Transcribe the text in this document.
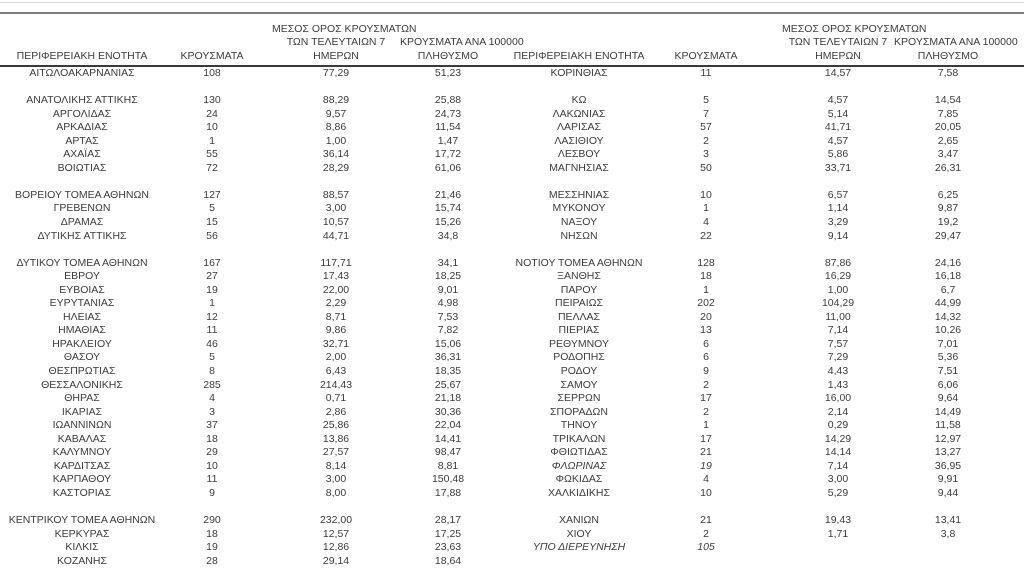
ΠΕΡΙΦΕΡΕΙΑΚΗ ΕΝΟΤΗΤΑ	ΚΡΟΥΣΜΑΤΑ	ΜΕΣΟΣ ΟΡΟΣ ΚΡΟΥΣΜΑΤΩΝ
ΤΩΝ ΤΕΛΕΥΤΑΙΩΝ 7
ΗΜΕΡΩΝ	ΚΡΟΥΣΜΑΤΑ ΑΝΑ 100000
ΠΛΗΘΥΣΜΟ	ΠΕΡΙΦΕΡΕΙΑΚΗ ΕΝΟΤΗΤΑ	ΚΡΟΥΣΜΑΤΑ	ΜΕΣΟΣ ΟΡΟΣ ΚΡΟΥΣΜΑΤΩΝ
ΤΩΝ ΤΕΛΕΥΤΑΙΩΝ 7
ΗΜΕΡΩΝ	ΚΡΟΥΣΜΑΤΑ ΑΝΑ 100000
ΠΛΗΘΥΣΜΟ

ΑΙΤΩΛΟΑΚΑΡΝΑΝΙΑΣ	108	77,29	51,23	ΚΟΡΙΝΘΙΑΣ	11	14,57	7,58

ΑΝΑΤΟΛΙΚΗΣ ΑΤΤΙΚΗΣ	130	88,29	25,88	ΚΩ	5	4,57	14,54
ΑΡΓΟΛΙΔΑΣ	24	9,57	24,73	ΛΑΚΩΝΙΑΣ	7	5,14	7,85
ΑΡΚΑΔΙΑΣ	10	8,86	11,54	ΛΑΡΙΣΑΣ	57	41,71	20,05
ΑΡΤΑΣ	1	1,00	1,47	ΛΑΣΙΘΙΟΥ	2	4,57	2,65
ΑΧΑΪΑΣ	55	36,14	17,72	ΛΕΣΒΟΥ	3	5,86	3,47
ΒΟΙΩΤΙΑΣ	72	28,29	61,06	ΜΑΓΝΗΣΙΑΣ	50	33,71	26,31

ΒΟΡΕΙΟΥ ΤΟΜΕΑ ΑΘΗΝΩΝ	127	88,57	21,46	ΜΕΣΣΗΝΙΑΣ	10	6,57	6,25
ΓΡΕΒΕΝΩΝ	5	3,00	15,74	ΜΥΚΟΝΟΥ	1	1,14	9,87
ΔΡΑΜΑΣ	15	10,57	15,26	ΝΑΞΟΥ	4	3,29	19,2
ΔΥΤΙΚΗΣ ΑΤΤΙΚΗΣ	56	44,71	34,8	ΝΗΣΩΝ	22	9,14	29,47

ΔΥΤΙΚΟΥ ΤΟΜΕΑ ΑΘΗΝΩΝ	167	117,71	34,1	ΝΟΤΙΟΥ ΤΟΜΕΑ ΑΘΗΝΩΝ	128	87,86	24,16
ΕΒΡΟΥ	27	17,43	18,25	ΞΑΝΘΗΣ	18	16,29	16,18
ΕΥΒΟΙΑΣ	19	22,00	9,01	ΠΑΡΟΥ	1	1,00	6,7
ΕΥΡΥΤΑΝΙΑΣ	1	2,29	4,98	ΠΕΙΡΑΙΩΣ	202	104,29	44,99
ΗΛΕΙΑΣ	12	8,71	7,53	ΠΕΛΛΑΣ	20	11,00	14,32
ΗΜΑΘΙΑΣ	11	9,86	7,82	ΠΙΕΡΙΑΣ	13	7,14	10,26
ΗΡΑΚΛΕΙΟΥ	46	32,71	15,06	ΡΕΘΥΜΝΟΥ	6	7,57	7,01
ΘΑΣΟΥ	5	2,00	36,31	ΡΟΔΟΠΗΣ	6	7,29	5,36
ΘΕΣΠΡΩΤΙΑΣ	8	6,43	18,35	ΡΟΔΟΥ	9	4,43	7,51
ΘΕΣΣΑΛΟΝΙΚΗΣ	285	214,43	25,67	ΣΑΜΟΥ	2	1,43	6,06
ΘΗΡΑΣ	4	0,71	21,18	ΣΕΡΡΩΝ	17	16,00	9,64
ΙΚΑΡΙΑΣ	3	2,86	30,36	ΣΠΟΡΑΔΩΝ	2	2,14	14,49
ΙΩΑΝΝΙΝΩΝ	37	25,86	22,04	ΤΗΝΟΥ	1	0,29	11,58
ΚΑΒΑΛΑΣ	18	13,86	14,41	ΤΡΙΚΑΛΩΝ	17	14,29	12,97
ΚΑΛΥΜΝΟΥ	29	27,57	98,47	ΦΘΙΩΤΙΔΑΣ	21	14,14	13,27
ΚΑΡΔΙΤΣΑΣ	10	8,14	8,81	ΦΛΩΡΙΝΑΣ	19	7,14	36,95
ΚΑΡΠΑΘΟΥ	11	3,00	150,48	ΦΩΚΙΔΑΣ	4	3,00	9,91
ΚΑΣΤΟΡΙΑΣ	9	8,00	17,88	ΧΑΛΚΙΔΙΚΗΣ	10	5,29	9,44

ΚΕΝΤΡΙΚΟΥ ΤΟΜΕΑ ΑΘΗΝΩΝ	290	232,00	28,17	ΧΑΝΙΩΝ	21	19,43	13,41
ΚΕΡΚΥΡΑΣ	18	12,57	17,25	ΧΙΟΥ	2	1,71	3,8
ΚΙΛΚΙΣ	19	12,86	23,63	ΥΠΟ ΔΙΕΡΕΥΝΗΣΗ	105		
ΚΟΖΑΝΗΣ	28	29,14	18,64				
